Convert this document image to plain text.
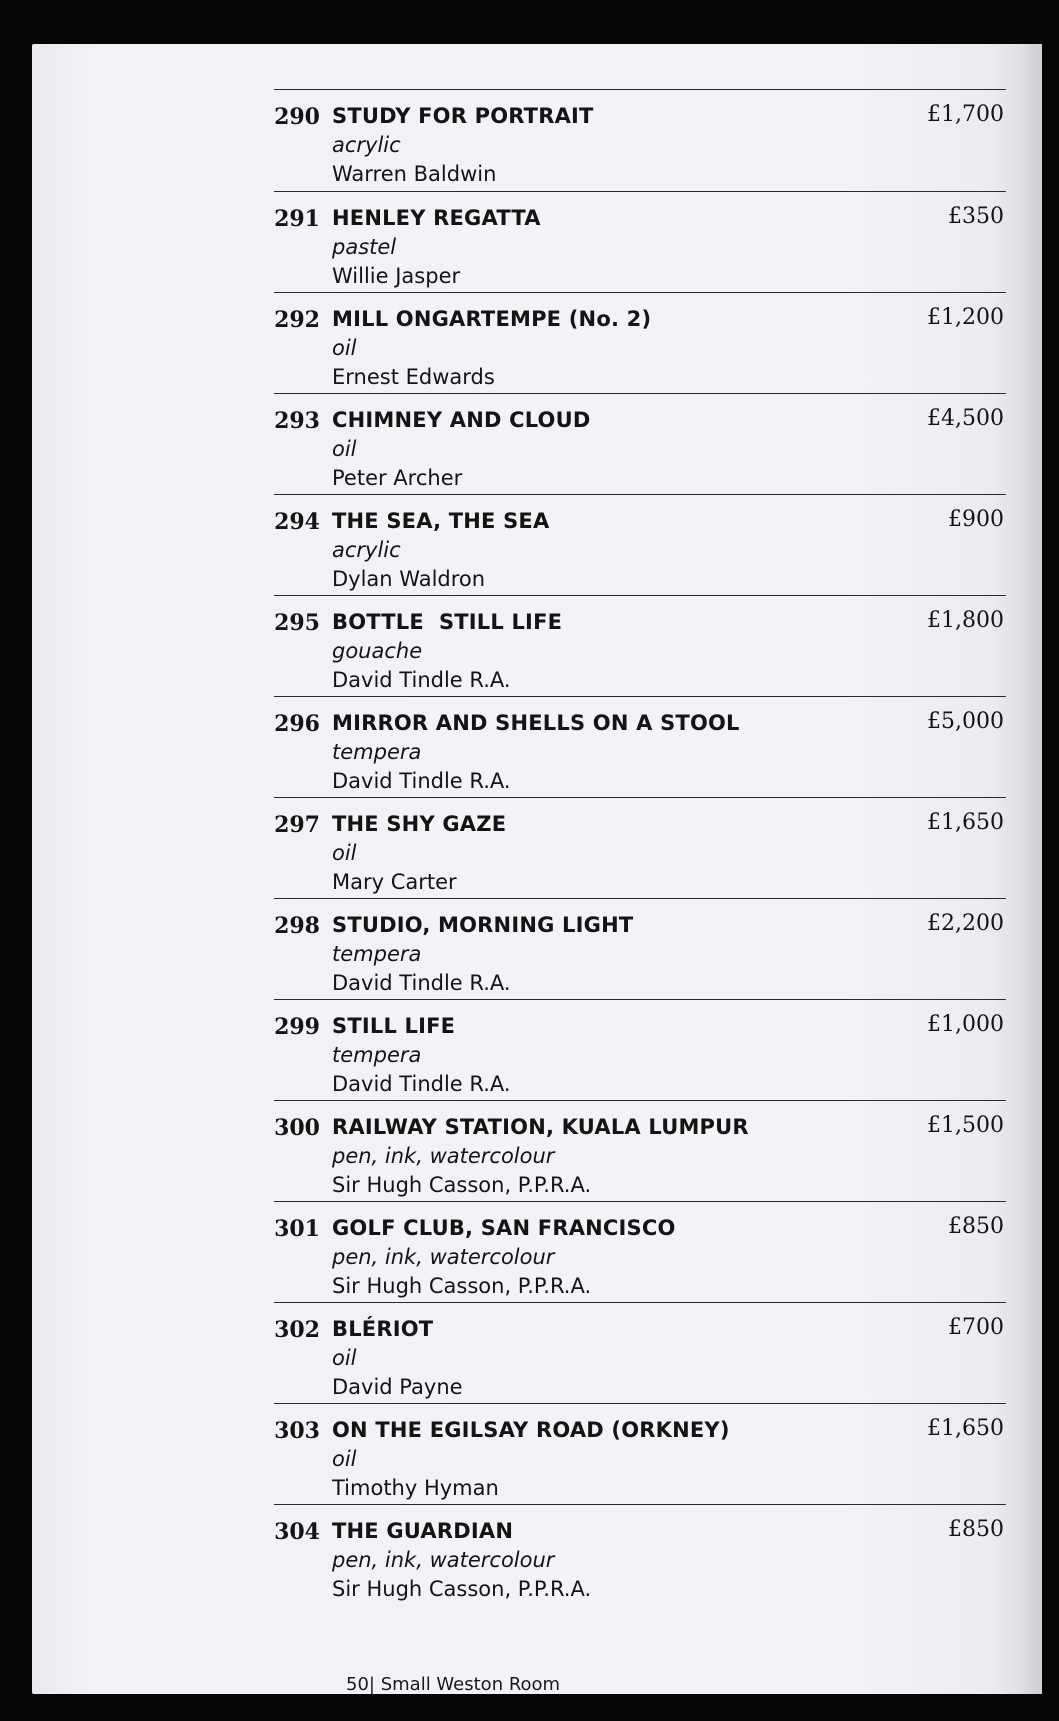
290 STUDY FOR PORTRAIT
acrylic
Warren Baldwin
£1,700
291 HENLEY REGATTA
pastel
Willie Jasper
£350
292 MILL ONGARTEMPE (No. 2)
oil
Ernest Edwards
£1,200
293 CHIMNEY AND CLOUD
oil
Peter Archer
£4,500
294 THE SEA, THE SEA
acrylic
Dylan Waldron
£900
295 BOTTLE  STILL LIFE
gouache
David Tindle R.A.
£1,800
296 MIRROR AND SHELLS ON A STOOL
tempera
David Tindle R.A.
£5,000
297 THE SHY GAZE
oil
Mary Carter
£1,650
298 STUDIO, MORNING LIGHT
tempera
David Tindle R.A.
£2,200
299 STILL LIFE
tempera
David Tindle R.A.
£1,000
300 RAILWAY STATION, KUALA LUMPUR
pen, ink, watercolour
Sir Hugh Casson, P.P.R.A.
£1,500
301 GOLF CLUB, SAN FRANCISCO
pen, ink, watercolour
Sir Hugh Casson, P.P.R.A.
£850
302 BLÉRIOT
oil
David Payne
£700
303 ON THE EGILSAY ROAD (ORKNEY)
oil
Timothy Hyman
£1,650
304 THE GUARDIAN
pen, ink, watercolour
Sir Hugh Casson, P.P.R.A.
£850
50| Small Weston Room
